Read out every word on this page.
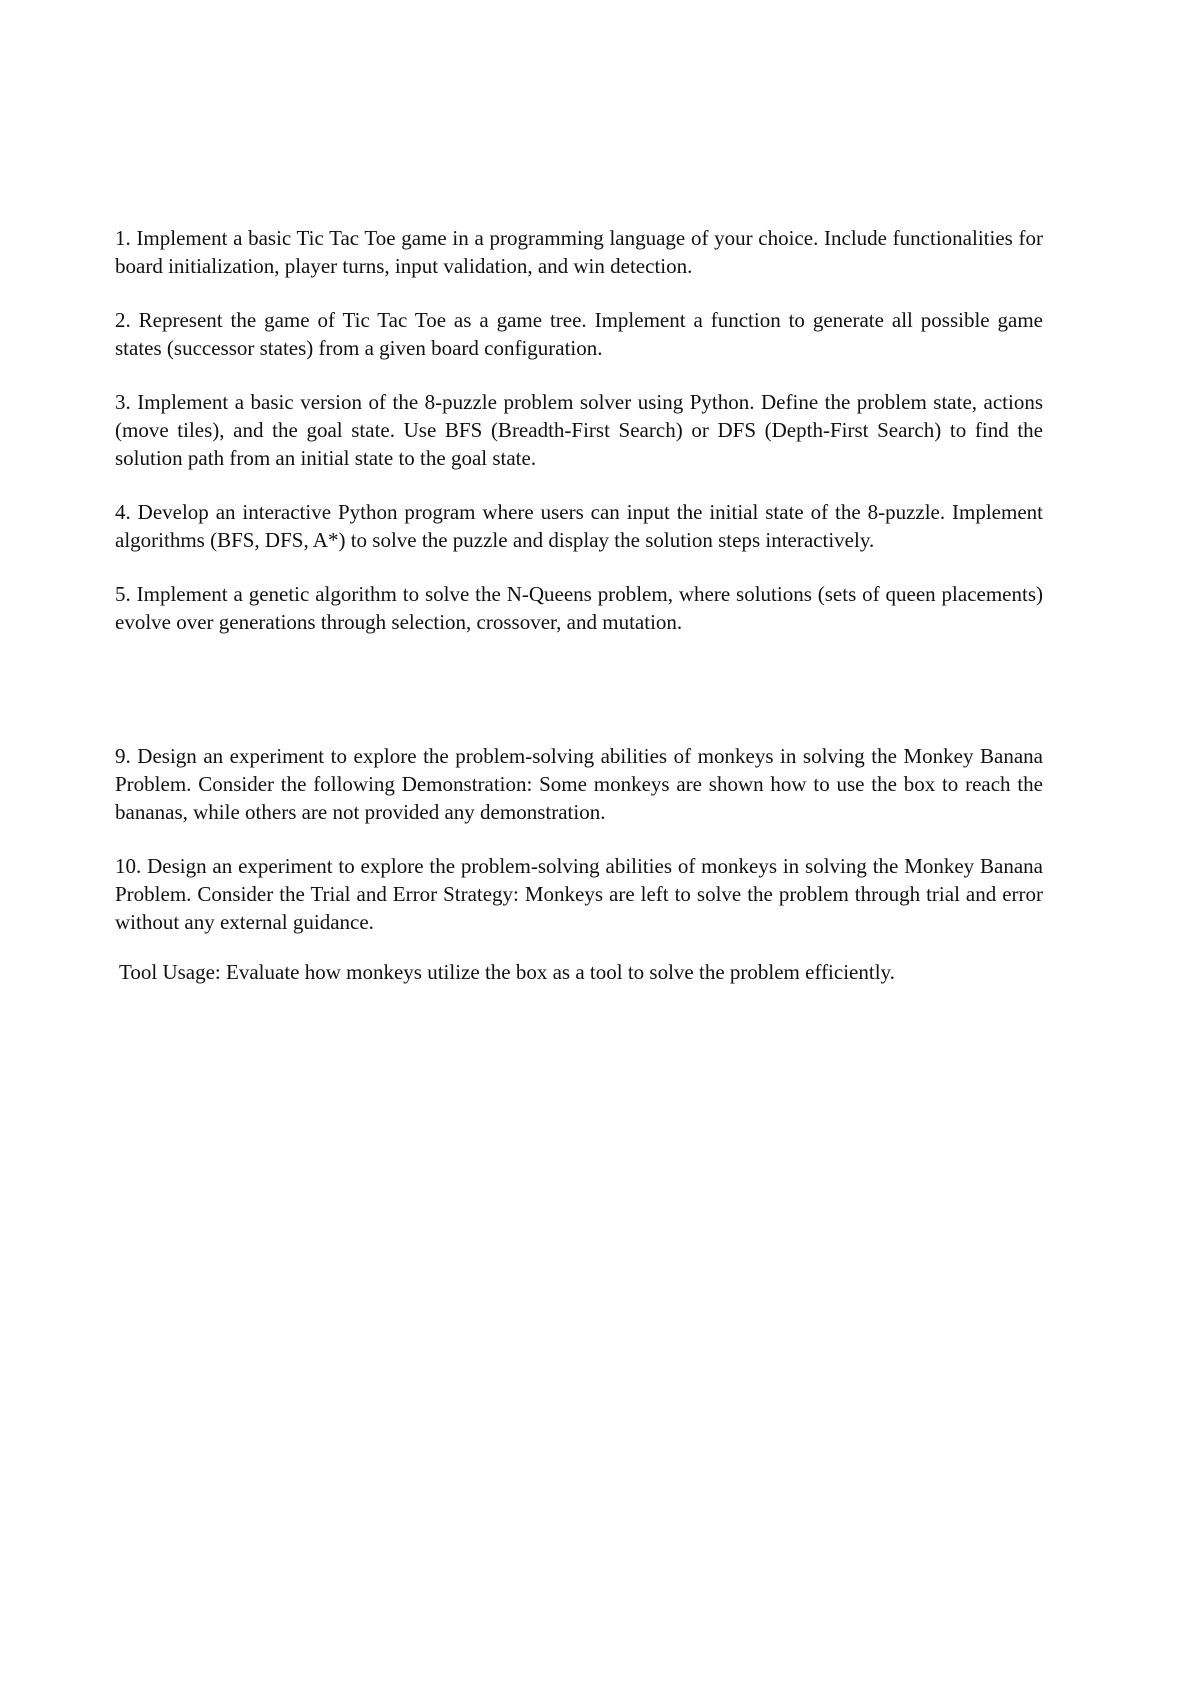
1. Implement a basic Tic Tac Toe game in a programming language of your choice. Include functionalities for board initialization, player turns, input validation, and win detection.

2. Represent the game of Tic Tac Toe as a game tree. Implement a function to generate all possible game states (successor states) from a given board configuration.

3. Implement a basic version of the 8-puzzle problem solver using Python. Define the problem state, actions (move tiles), and the goal state. Use BFS (Breadth-First Search) or DFS (Depth-First Search) to find the solution path from an initial state to the goal state.

4. Develop an interactive Python program where users can input the initial state of the 8-puzzle. Implement algorithms (BFS, DFS, A*) to solve the puzzle and display the solution steps interactively.

5. Implement a genetic algorithm to solve the N-Queens problem, where solutions (sets of queen placements) evolve over generations through selection, crossover, and mutation.

9. Design an experiment to explore the problem-solving abilities of monkeys in solving the Monkey Banana Problem. Consider the following Demonstration: Some monkeys are shown how to use the box to reach the bananas, while others are not provided any demonstration.

10. Design an experiment to explore the problem-solving abilities of monkeys in solving the Monkey Banana Problem. Consider the Trial and Error Strategy: Monkeys are left to solve the problem through trial and error without any external guidance.

Tool Usage: Evaluate how monkeys utilize the box as a tool to solve the problem efficiently.
